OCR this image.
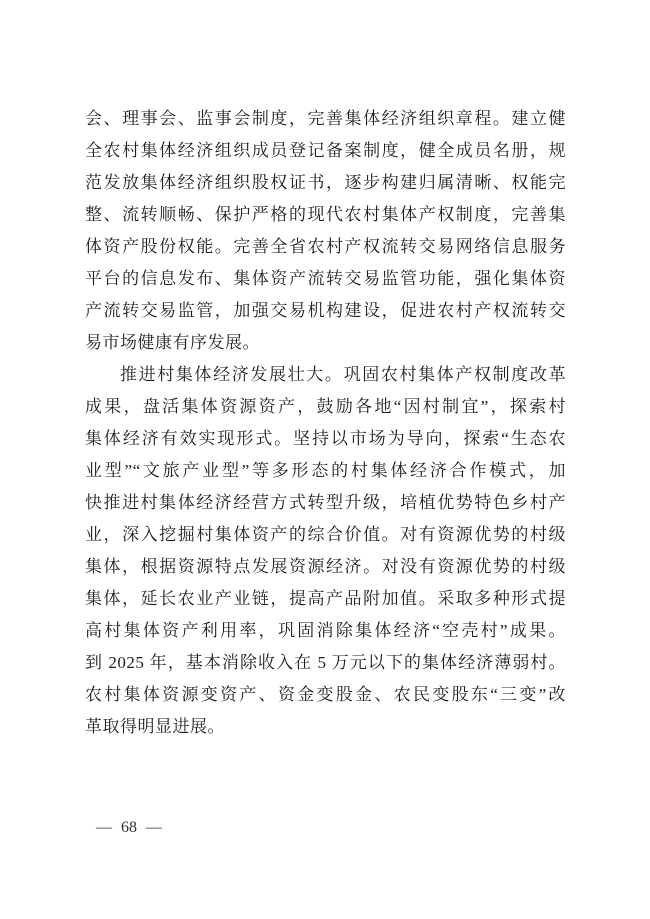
会、理事会、监事会制度，完善集体经济组织章程。建立健
全农村集体经济组织成员登记备案制度，健全成员名册，规
范发放集体经济组织股权证书，逐步构建归属清晰、权能完
整、流转顺畅、保护严格的现代农村集体产权制度，完善集
体资产股份权能。完善全省农村产权流转交易网络信息服务
平台的信息发布、集体资产流转交易监管功能，强化集体资
产流转交易监管，加强交易机构建设，促进农村产权流转交
易市场健康有序发展。
推进村集体经济发展壮大。巩固农村集体产权制度改革
成果，盘活集体资源资产，鼓励各地“因村制宜”，探索村
集体经济有效实现形式。坚持以市场为导向，探索“生态农
业型”“文旅产业型”等多形态的村集体经济合作模式，加
快推进村集体经济经营方式转型升级，培植优势特色乡村产
业，深入挖掘村集体资产的综合价值。对有资源优势的村级
集体，根据资源特点发展资源经济。对没有资源优势的村级
集体，延长农业产业链，提高产品附加值。采取多种形式提
高村集体资产利用率，巩固消除集体经济“空壳村”成果。
到 2025 年，基本消除收入在 5 万元以下的集体经济薄弱村。
农村集体资源变资产、资金变股金、农民变股东“三变”改
革取得明显进展。
— 68 —
